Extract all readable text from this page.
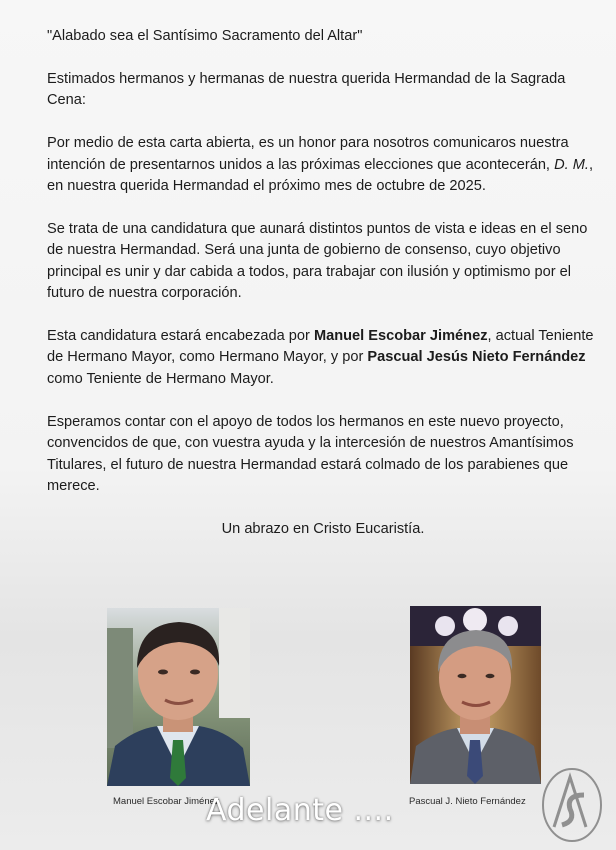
"Alabado sea el Santísimo Sacramento del Altar"

Estimados hermanos y hermanas de nuestra querida Hermandad de la Sagrada Cena:

Por medio de esta carta abierta, es un honor para nosotros comunicaros nuestra intención de presentarnos unidos a las próximas elecciones que acontecerán, D. M., en nuestra querida Hermandad el próximo mes de octubre de 2025.

Se trata de una candidatura que aunará distintos puntos de vista e ideas en el seno de nuestra Hermandad. Será una junta de gobierno de consenso, cuyo objetivo principal es unir y dar cabida a todos, para trabajar con ilusión y optimismo por el futuro de nuestra corporación.

Esta candidatura estará encabezada por Manuel Escobar Jiménez, actual Teniente de Hermano Mayor, como Hermano Mayor, y por Pascual Jesús Nieto Fernández como Teniente de Hermano Mayor.

Esperamos contar con el apoyo de todos los hermanos en este nuevo proyecto, convencidos de que, con vuestra ayuda y la intercesión de nuestros Amantísimos Titulares, el futuro de nuestra Hermandad estará colmado de los parabienes que merece.

Un abrazo en Cristo Eucaristía.

Manuel Escobar Jiménez	Pascual J. Nieto Fernández
Adelante ....
